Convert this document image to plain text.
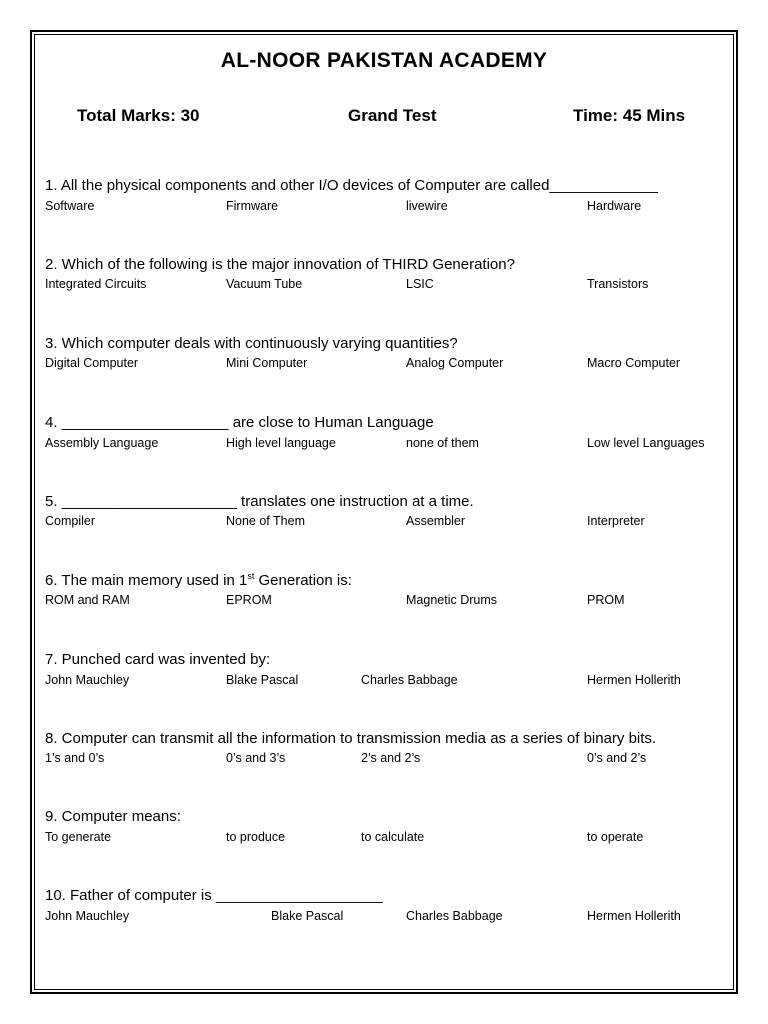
AL-NOOR PAKISTAN ACADEMY
Total Marks: 30	Grand Test	Time: 45 Mins
1. All the physical components and other I/O devices of Computer are called_____________
Software	Firmware	livewire	Hardware
2. Which of the following is the major innovation of THIRD Generation?
Integrated Circuits	Vacuum Tube	LSIC	Transistors
3. Which computer deals with continuously varying quantities?
Digital Computer	Mini Computer	Analog Computer	Macro Computer
4. ____________________ are close to Human Language
Assembly Language	High level language	none of them	Low level Languages
5. _____________________ translates one instruction at a time.
Compiler	None of Them	Assembler	Interpreter
6. The main memory used in 1st Generation is:
ROM and RAM	EPROM	Magnetic Drums	PROM
7. Punched card was invented by:
John Mauchley	Blake Pascal	Charles Babbage	Hermen Hollerith
8. Computer can transmit all the information to transmission media as a series of binary bits.
1’s and 0’s	0’s and 3’s	2’s and 2’s	0’s and 2’s
9. Computer means:
To generate	to produce	to calculate	to operate
10. Father of computer is ____________________
John Mauchley	Blake Pascal	Charles Babbage	Hermen Hollerith
